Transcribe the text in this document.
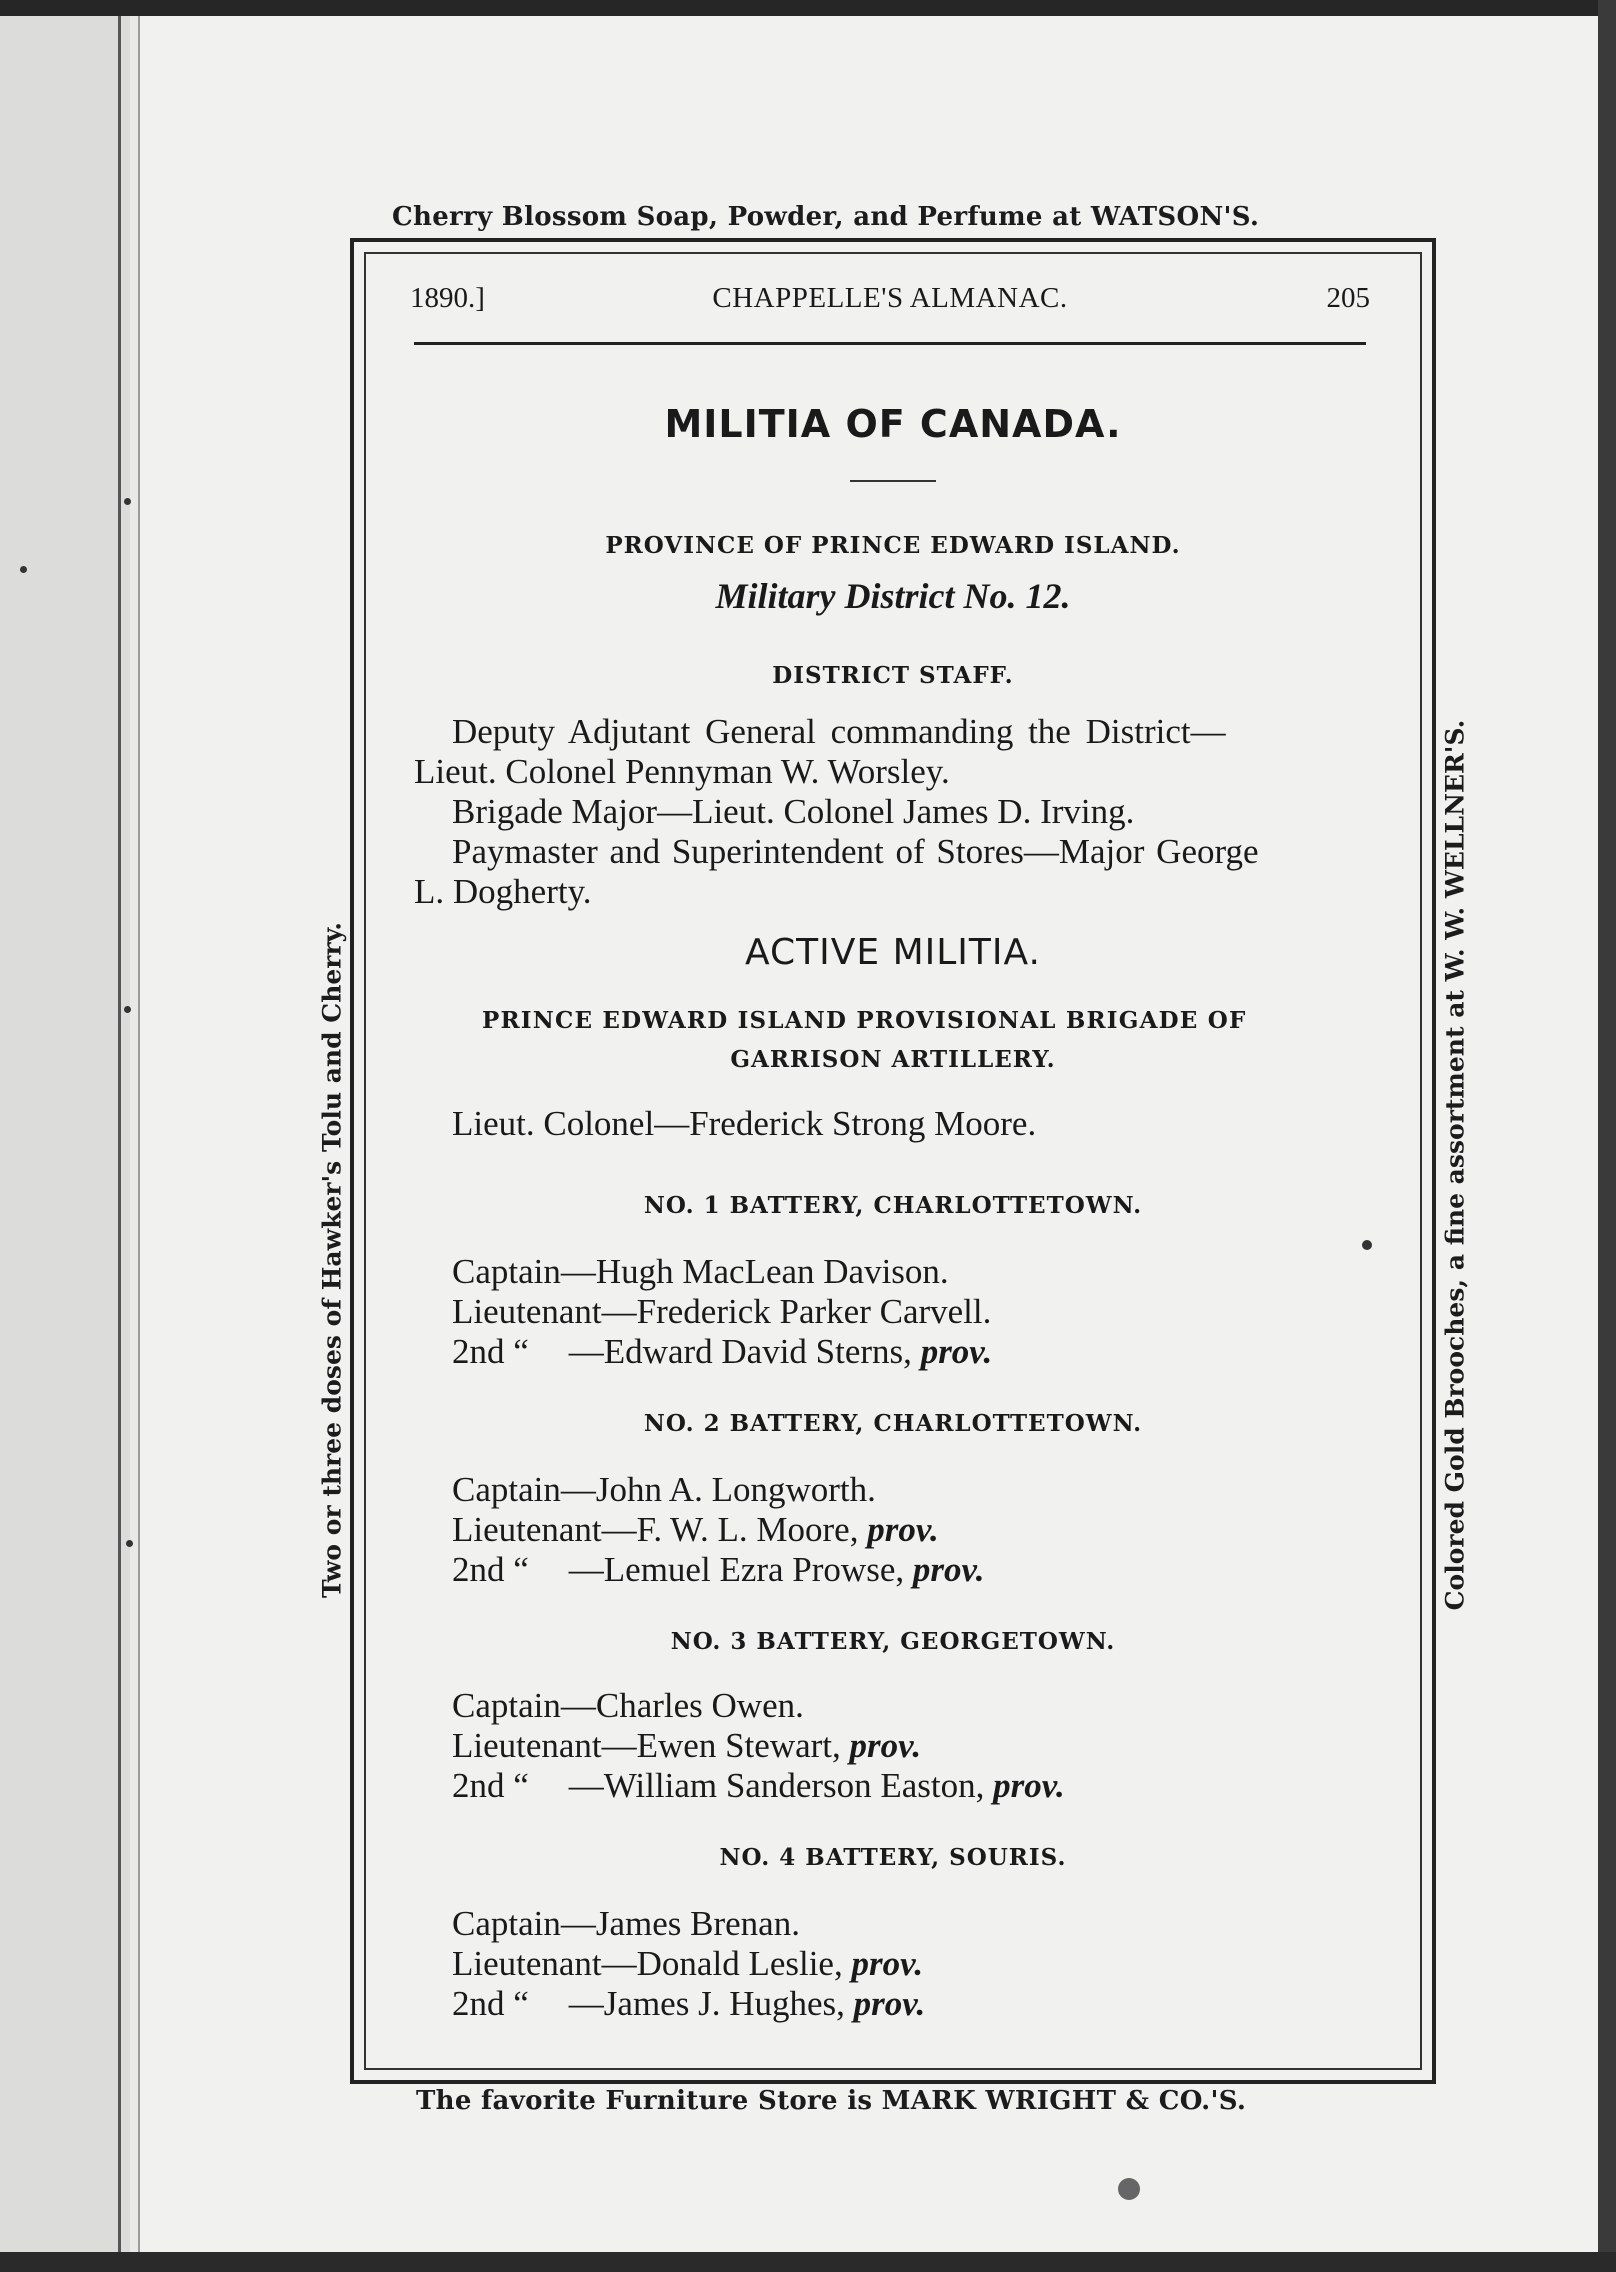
Cherry Blossom Soap, Powder, and Perfume at WATSON'S.
The favorite Furniture Store is MARK WRIGHT & CO.'S.
Two or three doses of Hawker's Tolu and Cherry.	Colored Gold Brooches, a fine assortment at W. W. WELLNER'S.
CHAPPELLE'S ALMANAC.
1890.]	205
MILITIA OF CANADA.
PROVINCE OF PRINCE EDWARD ISLAND.
Military District No. 12.
DISTRICT STAFF.
Deputy Adjutant General commanding the District—
Lieut. Colonel Pennyman W. Worsley.
Brigade Major—Lieut. Colonel James D. Irving.
Paymaster and Superintendent of Stores—Major George
L. Dogherty.
ACTIVE MILITIA.
PRINCE EDWARD ISLAND PROVISIONAL BRIGADE OF
GARRISON ARTILLERY.
Lieut. Colonel—Frederick Strong Moore.
NO. 1 BATTERY, CHARLOTTETOWN.
Captain—Hugh MacLean Davison.
Lieutenant—Frederick Parker Carvell.
2nd “ —Edward David Sterns, prov.
NO. 2 BATTERY, CHARLOTTETOWN.
Captain—John A. Longworth.
Lieutenant—F. W. L. Moore, prov.
2nd “ —Lemuel Ezra Prowse, prov.
NO. 3 BATTERY, GEORGETOWN.
Captain—Charles Owen.
Lieutenant—Ewen Stewart, prov.
2nd “ —William Sanderson Easton, prov.
NO. 4 BATTERY, SOURIS.
Captain—James Brenan.
Lieutenant—Donald Leslie, prov.
2nd “ —James J. Hughes, prov.
